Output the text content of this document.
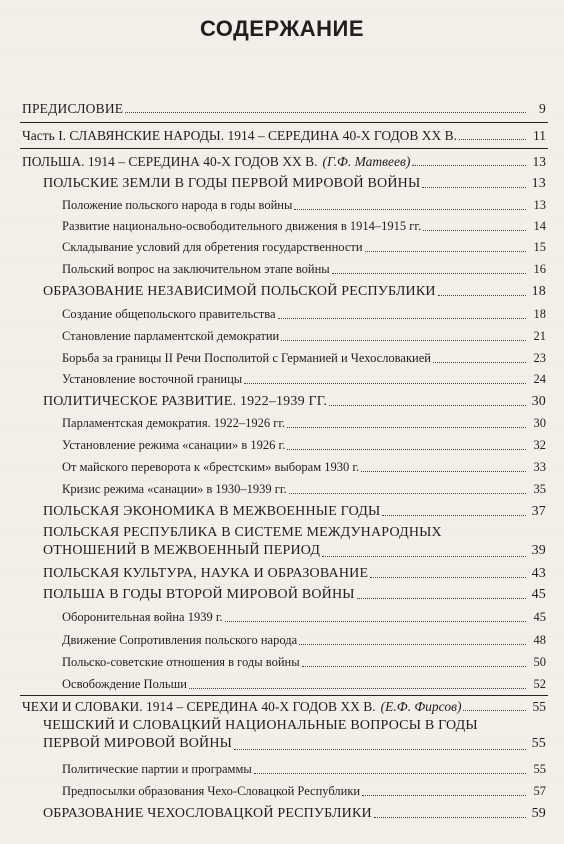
СОДЕРЖАНИЕ
ПРЕДИСЛОВИЕ	9
Часть I. СЛАВЯНСКИЕ НАРОДЫ. 1914 – СЕРЕДИНА 40-Х ГОДОВ XX В.	11
ПОЛЬША. 1914 – СЕРЕДИНА 40-Х ГОДОВ XX В. (Г.Ф. Матвеев)	13
ПОЛЬСКИЕ ЗЕМЛИ В ГОДЫ ПЕРВОЙ МИРОВОЙ ВОЙНЫ	13
Положение польского народа в годы войны	13
Развитие национально-освободительного движения в 1914–1915 гг.	14
Складывание условий для обретения государственности	15
Польский вопрос на заключительном этапе войны	16
ОБРАЗОВАНИЕ НЕЗАВИСИМОЙ ПОЛЬСКОЙ РЕСПУБЛИКИ	18
Создание общепольского правительства	18
Становление парламентской демократии	21
Борьба за границы II Речи Посполитой с Германией и Чехословакией	23
Установление восточной границы	24
ПОЛИТИЧЕСКОЕ РАЗВИТИЕ. 1922–1939 ГГ.	30
Парламентская демократия. 1922–1926 гг.	30
Установление режима «санации» в 1926 г.	32
От майского переворота к «брестским» выборам 1930 г.	33
Кризис режима «санации» в 1930–1939 гг.	35
ПОЛЬСКАЯ ЭКОНОМИКА В МЕЖВОЕННЫЕ ГОДЫ	37
ПОЛЬСКАЯ РЕСПУБЛИКА В СИСТЕМЕ МЕЖДУНАРОДНЫХ
ОТНОШЕНИЙ В МЕЖВОЕННЫЙ ПЕРИОД	39
ПОЛЬСКАЯ КУЛЬТУРА, НАУКА И ОБРАЗОВАНИЕ	43
ПОЛЬША В ГОДЫ ВТОРОЙ МИРОВОЙ ВОЙНЫ	45
Оборонительная война 1939 г.	45
Движение Сопротивления польского народа	48
Польско-советские отношения в годы войны	50
Освобождение Польши	52
ЧЕХИ И СЛОВАКИ. 1914 – СЕРЕДИНА 40-Х ГОДОВ XX В. (Е.Ф. Фирсов)	55
ЧЕШСКИЙ И СЛОВАЦКИЙ НАЦИОНАЛЬНЫЕ ВОПРОСЫ В ГОДЫ
ПЕРВОЙ МИРОВОЙ ВОЙНЫ	55
Политические партии и программы	55
Предпосылки образования Чехо-Словацкой Республики	57
ОБРАЗОВАНИЕ ЧЕХОСЛОВАЦКОЙ РЕСПУБЛИКИ	59
